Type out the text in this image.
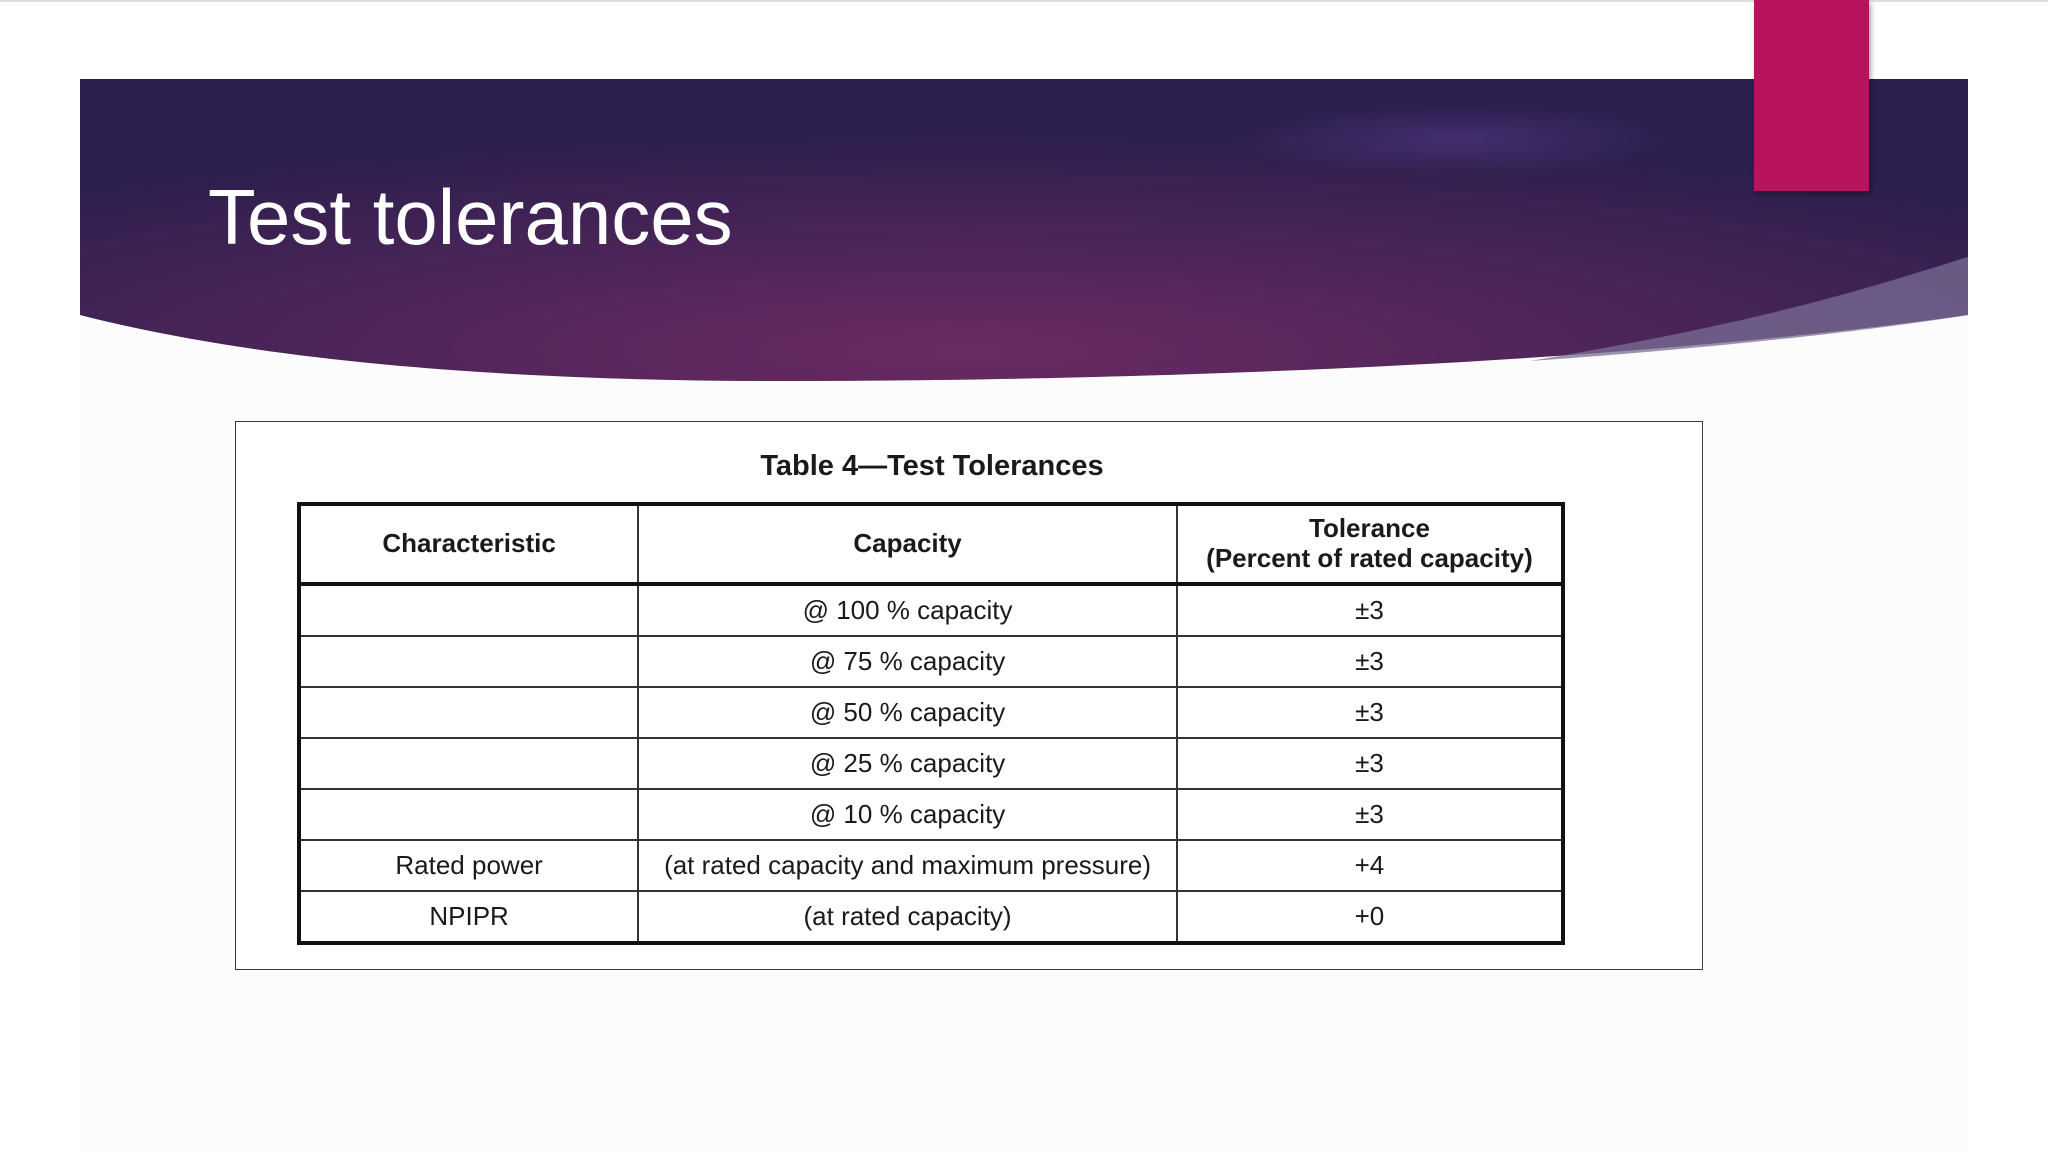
Test tolerances
Table 4—Test Tolerances
Characteristic	Capacity	Tolerance
(Percent of rated capacity)
	@ 100 % capacity	±3
	@ 75 % capacity	±3
	@ 50 % capacity	±3
	@ 25 % capacity	±3
	@ 10 % capacity	±3
Rated power	(at rated capacity and maximum pressure)	+4
NPIPR	(at rated capacity)	+0
